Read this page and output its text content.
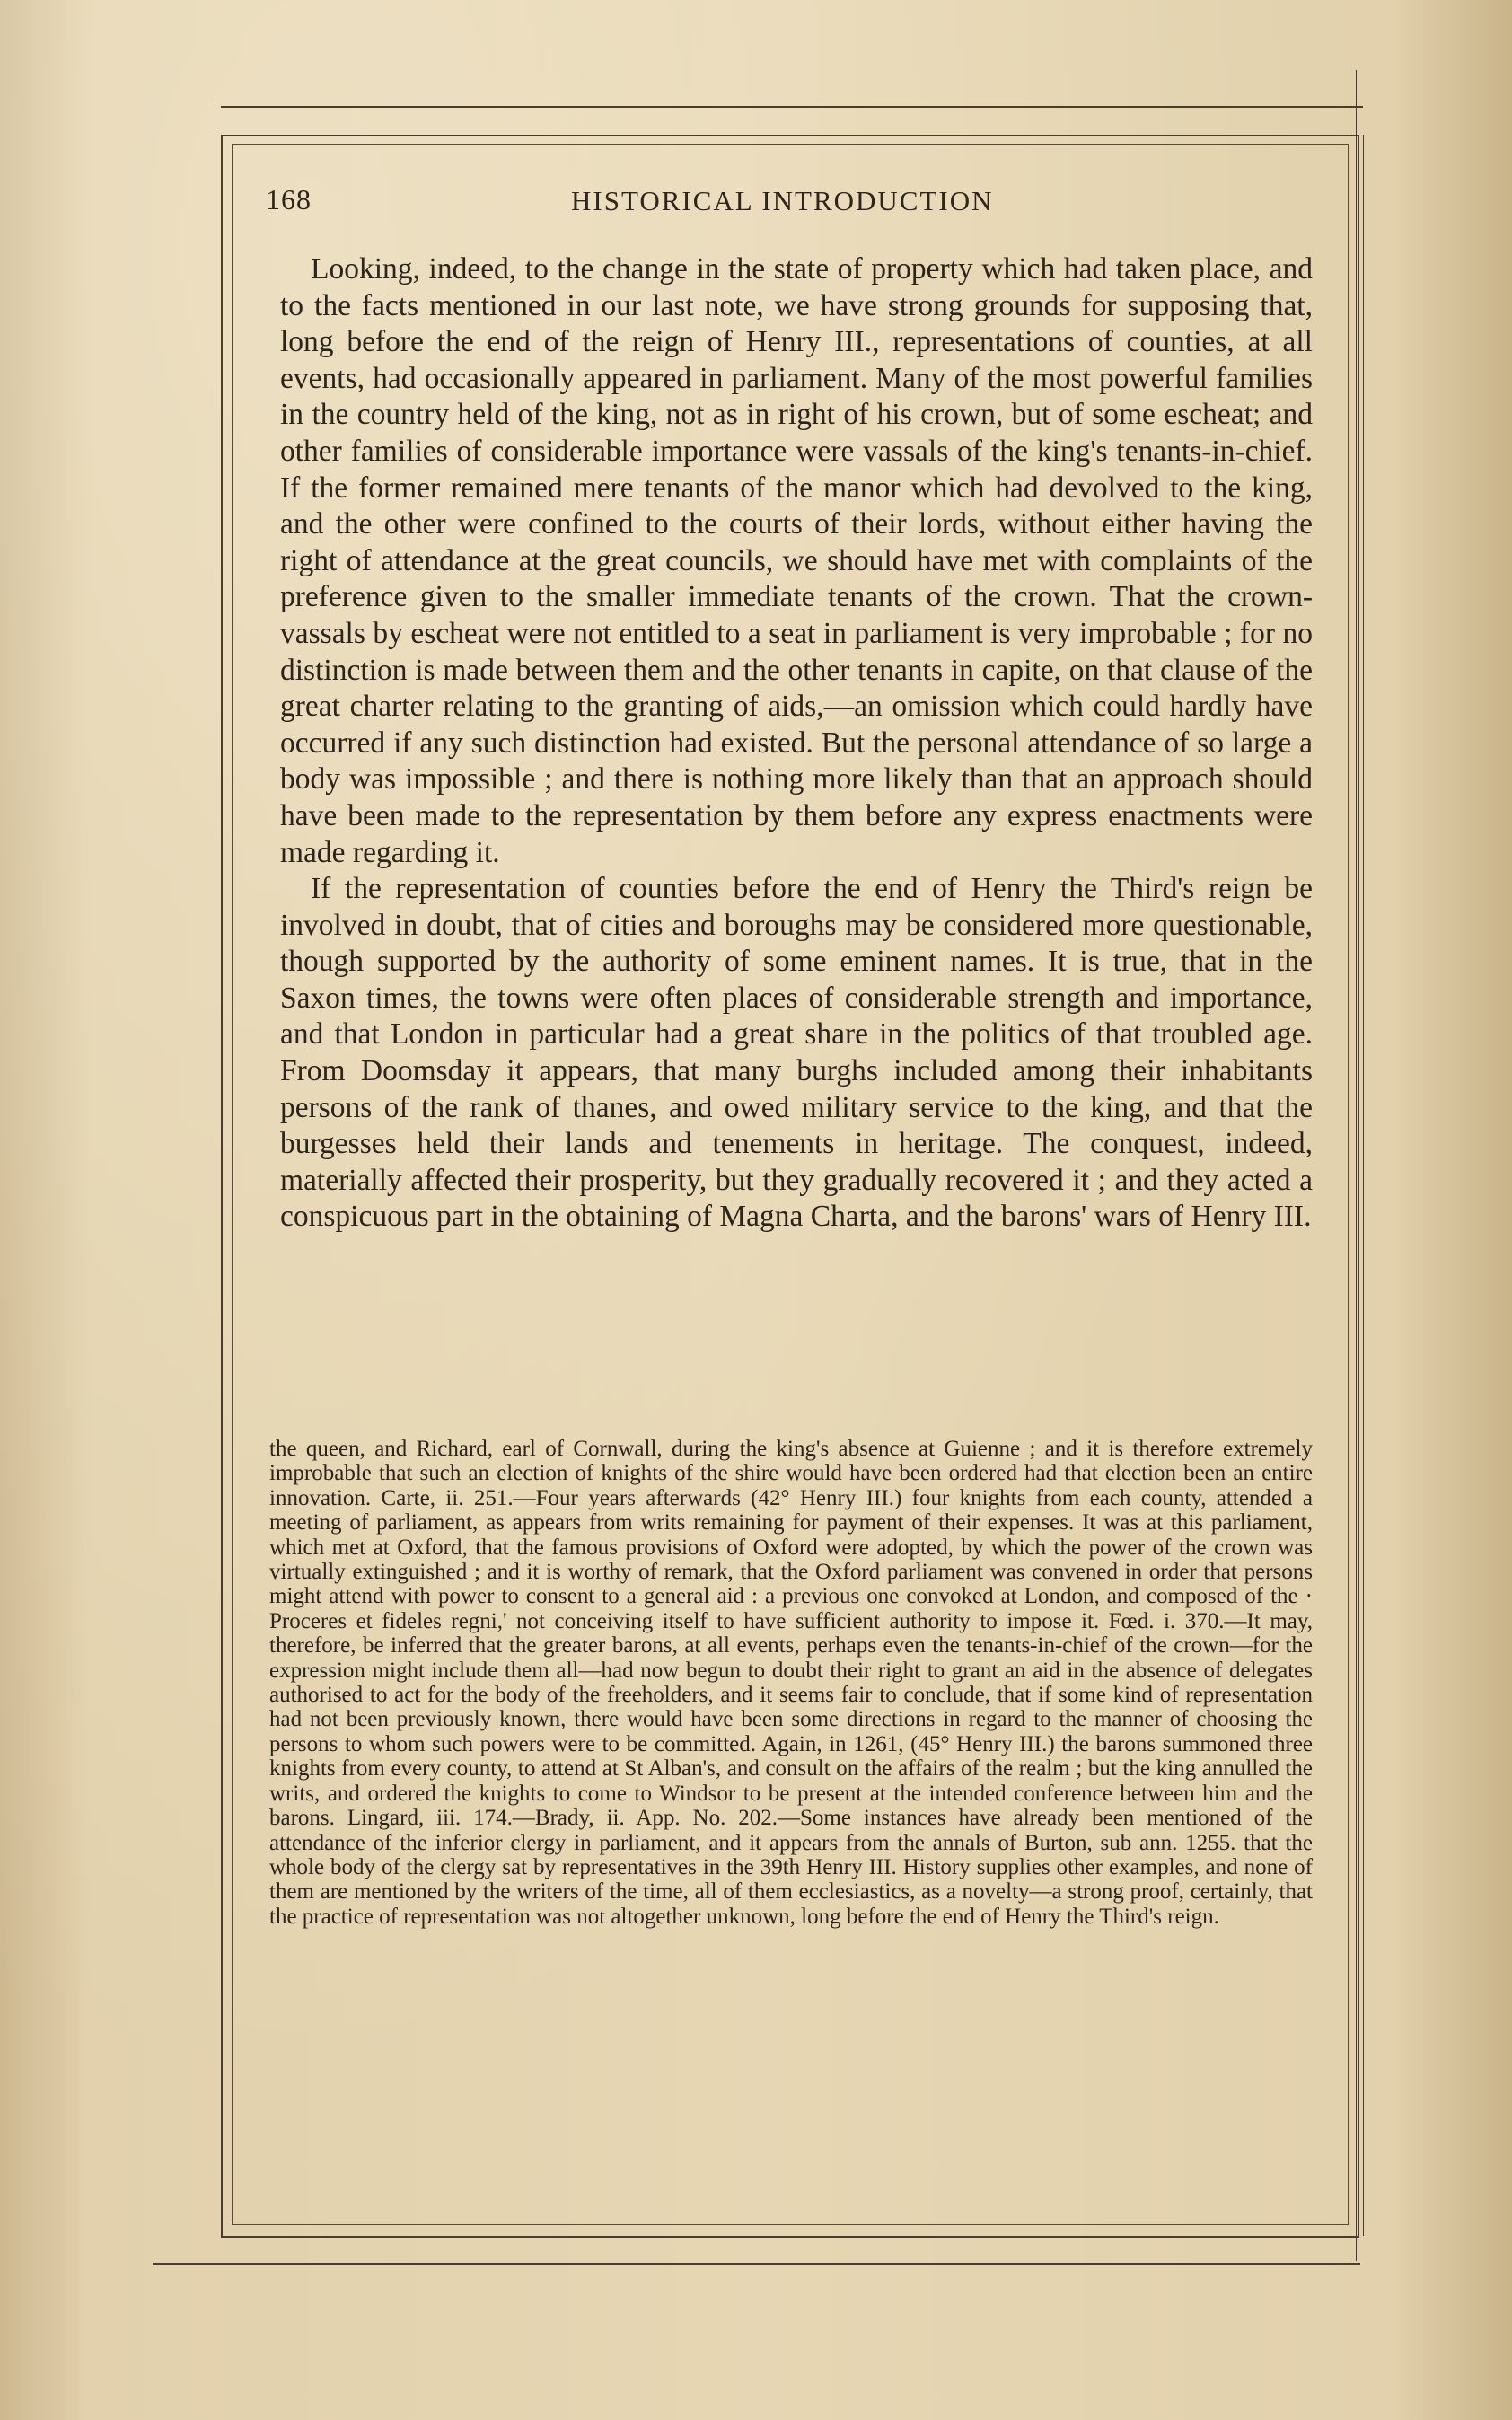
168	HISTORICAL INTRODUCTION

Looking, indeed, to the change in the state of property which had taken place, and to the facts mentioned in our last note, we have strong grounds for supposing that, long before the end of the reign of Henry III., representations of counties, at all events, had occasionally appeared in parliament. Many of the most powerful families in the country held of the king, not as in right of his crown, but of some escheat; and other families of considerable importance were vassals of the king's tenants-in-chief. If the former remained mere tenants of the manor which had devolved to the king, and the other were confined to the courts of their lords, without either having the right of attendance at the great councils, we should have met with complaints of the preference given to the smaller immediate tenants of the crown. That the crown-vassals by escheat were not entitled to a seat in parliament is very improbable ; for no distinction is made between them and the other tenants in capite, on that clause of the great charter relating to the granting of aids,—an omission which could hardly have occurred if any such distinction had existed. But the personal attendance of so large a body was impossible ; and there is nothing more likely than that an approach should have been made to the representation by them before any express enactments were made regarding it.

If the representation of counties before the end of Henry the Third's reign be involved in doubt, that of cities and boroughs may be considered more questionable, though supported by the authority of some eminent names. It is true, that in the Saxon times, the towns were often places of considerable strength and importance, and that London in particular had a great share in the politics of that troubled age. From Doomsday it appears, that many burghs included among their inhabitants persons of the rank of thanes, and owed military service to the king, and that the burgesses held their lands and tenements in heritage. The conquest, indeed, materially affected their prosperity, but they gradually recovered it ; and they acted a conspicuous part in the obtaining of Magna Charta, and the barons' wars of Henry III.

the queen, and Richard, earl of Cornwall, during the king's absence at Guienne ; and it is therefore extremely improbable that such an election of knights of the shire would have been ordered had that election been an entire innovation. Carte, ii. 251.—Four years afterwards (42° Henry III.) four knights from each county, attended a meeting of parliament, as appears from writs remaining for payment of their expenses. It was at this parliament, which met at Oxford, that the famous provisions of Oxford were adopted, by which the power of the crown was virtually extinguished ; and it is worthy of remark, that the Oxford parliament was convened in order that persons might attend with power to consent to a general aid : a previous one convoked at London, and composed of the · Proceres et fideles regni,' not conceiving itself to have sufficient authority to impose it. Fœd. i. 370.—It may, therefore, be inferred that the greater barons, at all events, perhaps even the tenants-in-chief of the crown—for the expression might include them all—had now begun to doubt their right to grant an aid in the absence of delegates authorised to act for the body of the freeholders, and it seems fair to conclude, that if some kind of representation had not been previously known, there would have been some directions in regard to the manner of choosing the persons to whom such powers were to be committed. Again, in 1261, (45° Henry III.) the barons summoned three knights from every county, to attend at St Alban's, and consult on the affairs of the realm ; but the king annulled the writs, and ordered the knights to come to Windsor to be present at the intended conference between him and the barons. Lingard, iii. 174.—Brady, ii. App. No. 202.—Some instances have already been mentioned of the attendance of the inferior clergy in parliament, and it appears from the annals of Burton, sub ann. 1255. that the whole body of the clergy sat by representatives in the 39th Henry III. History supplies other examples, and none of them are mentioned by the writers of the time, all of them ecclesiastics, as a novelty—a strong proof, certainly, that the practice of representation was not altogether unknown, long before the end of Henry the Third's reign.
